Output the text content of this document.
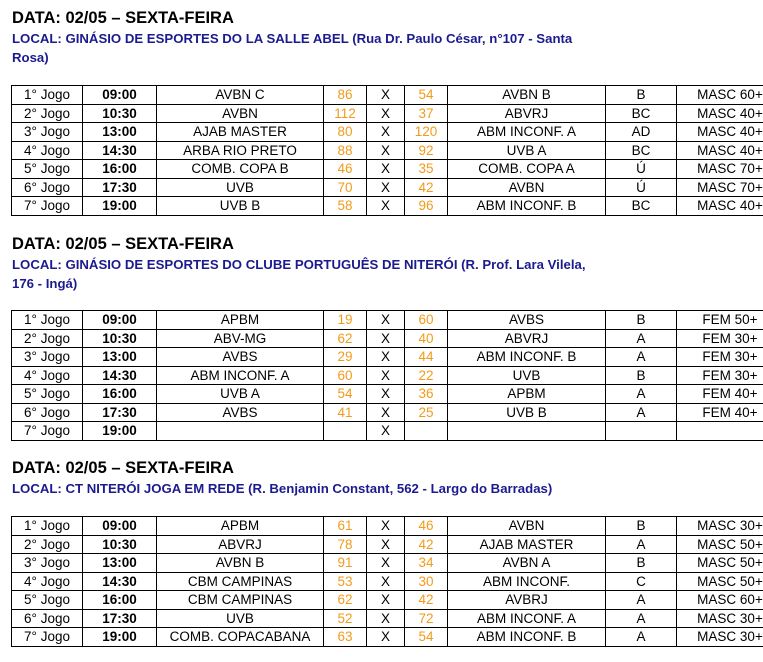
DATA: 02/05 – SEXTA-FEIRA
LOCAL: GINÁSIO DE ESPORTES DO LA SALLE ABEL (Rua Dr. Paulo César, n°107 - Santa
Rosa)
1° Jogo	09:00	AVBN C	86	X	54	AVBN B	B	MASC 60+
2° Jogo	10:30	AVBN	112	X	37	ABVRJ	BC	MASC 40+
3° Jogo	13:00	AJAB MASTER	80	X	120	ABM INCONF. A	AD	MASC 40+
4° Jogo	14:30	ARBA RIO PRETO	88	X	92	UVB A	BC	MASC 40+
5° Jogo	16:00	COMB. COPA B	46	X	35	COMB. COPA A	Ú	MASC 70+
6° Jogo	17:30	UVB	70	X	42	AVBN	Ú	MASC 70+
7° Jogo	19:00	UVB B	58	X	96	ABM INCONF. B	BC	MASC 40+
DATA: 02/05 – SEXTA-FEIRA
LOCAL: GINÁSIO DE ESPORTES DO CLUBE PORTUGUÊS DE NITERÓI (R. Prof. Lara Vilela,
176 - Ingá)
1° Jogo	09:00	APBM	19	X	60	AVBS	B	FEM 50+
2° Jogo	10:30	ABV-MG	62	X	40	ABVRJ	A	FEM 30+
3° Jogo	13:00	AVBS	29	X	44	ABM INCONF. B	A	FEM 30+
4° Jogo	14:30	ABM INCONF. A	60	X	22	UVB	B	FEM 30+
5° Jogo	16:00	UVB A	54	X	36	APBM	A	FEM 40+
6° Jogo	17:30	AVBS	41	X	25	UVB B	A	FEM 40+
7° Jogo	19:00			X				
DATA: 02/05 – SEXTA-FEIRA
LOCAL: CT NITERÓI JOGA EM REDE (R. Benjamin Constant, 562 - Largo do Barradas)
1° Jogo	09:00	APBM	61	X	46	AVBN	B	MASC 30+
2° Jogo	10:30	ABVRJ	78	X	42	AJAB MASTER	A	MASC 50+
3° Jogo	13:00	AVBN B	91	X	34	AVBN A	B	MASC 50+
4° Jogo	14:30	CBM CAMPINAS	53	X	30	ABM INCONF.	C	MASC 50+
5° Jogo	16:00	CBM CAMPINAS	62	X	42	AVBRJ	A	MASC 60+
6° Jogo	17:30	UVB	52	X	72	ABM INCONF. A	A	MASC 30+
7° Jogo	19:00	COMB. COPACABANA	63	X	54	ABM INCONF. B	A	MASC 30+
